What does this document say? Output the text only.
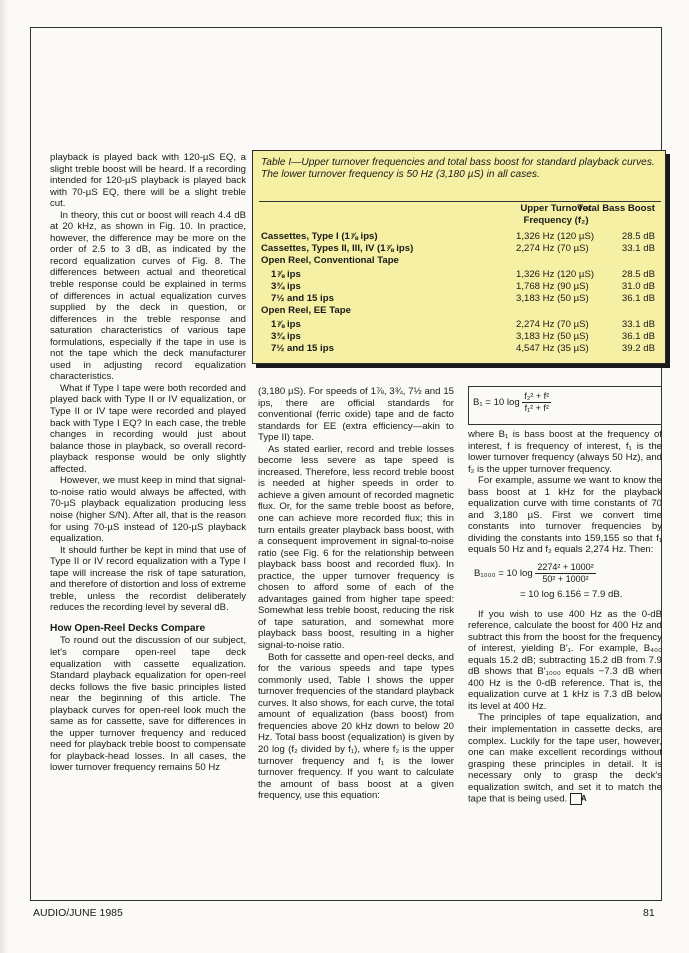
playback is played back with 120-µS EQ, a slight treble boost will be heard. If a recording intended for 120-µS playback is played back with 70-µS EQ, there will be a slight treble cut.

In theory, this cut or boost will reach 4.4 dB at 20 kHz, as shown in Fig. 10. In practice, however, the difference may be more on the order of 2.5 to 3 dB, as indicated by the record equalization curves of Fig. 8. The differences between actual and theoretical treble response could be explained in terms of differences in actual equalization curves supplied by the deck in question, or differences in the treble response and saturation characteristics of various tape formulations, especially if the tape in use is not the tape which the deck manufacturer used in adjusting record equalization characteristics.

What if Type I tape were both recorded and played back with Type II or IV equalization, or Type II or IV tape were recorded and played back with Type I EQ? In each case, the treble changes in recording would just about balance those in playback, so overall record-playback response would be only slightly affected.

However, we must keep in mind that signal-to-noise ratio would always be affected, with 70-µS playback equalization producing less noise (higher S/N). After all, that is the reason for using 70-µS instead of 120-µS playback equalization.

It should further be kept in mind that use of Type II or IV record equalization with a Type I tape will increase the risk of tape saturation, and therefore of distortion and loss of extreme treble, unless the recordist deliberately reduces the recording level by several dB.

How Open-Reel Decks Compare

To round out the discussion of our subject, let's compare open-reel tape deck equalization with cassette equalization. Standard playback equalization for open-reel decks follows the five basic principles listed near the beginning of this article. The playback curves for open-reel look much the same as for cassette, save for differences in the upper turnover frequency and reduced need for playback treble boost to compensate for playback-head losses. In all cases, the lower turnover frequency remains 50 Hz

Table I—Upper turnover frequencies and total bass boost for standard playback curves. The lower turnover frequency is 50 Hz (3,180 µS) in all cases.
Upper Turnover Frequency (f₂)
Total Bass Boost
Cassettes, Type I (1⅞ ips)	1,326 Hz (120 µS)	28.5 dB
Cassettes, Types II, III, IV (1⅞ ips)	2,274 Hz (70 µS)	33.1 dB
Open Reel, Conventional Tape
1⅞ ips	1,326 Hz (120 µS)	28.5 dB
3¾ ips	1,768 Hz (90 µS)	31.0 dB
7½ and 15 ips	3,183 Hz (50 µS)	36.1 dB
Open Reel, EE Tape
1⅞ ips	2,274 Hz (70 µS)	33.1 dB
3¾ ips	3,183 Hz (50 µS)	36.1 dB
7½ and 15 ips	4,547 Hz (35 µS)	39.2 dB

(3,180 µS). For speeds of 1⅞, 3¾, 7½ and 15 ips, there are official standards for conventional (ferric oxide) tape and de facto standards for EE (extra efficiency—akin to Type II) tape.

As stated earlier, record and treble losses become less severe as tape speed is increased. Therefore, less record treble boost is needed at higher speeds in order to achieve a given amount of recorded magnetic flux. Or, for the same treble boost as before, one can achieve more recorded flux; this in turn entails greater playback bass boost, with a consequent improvement in signal-to-noise ratio (see Fig. 6 for the relationship between playback bass boost and recorded flux). In practice, the upper turnover frequency is chosen to afford some of each of the advantages gained from higher tape speed: Somewhat less treble boost, reducing the risk of tape saturation, and somewhat more playback bass boost, resulting in a higher signal-to-noise ratio.

Both for cassette and open-reel decks, and for the various speeds and tape types commonly used, Table I shows the upper turnover frequencies of the standard playback curves. It also shows, for each curve, the total amount of equalization (bass boost) from frequencies above 20 kHz down to below 20 Hz. Total bass boost (equalization) is given by 20 log (f₂ divided by f₁), where f₂ is the upper turnover frequency and f₁ is the lower turnover frequency. If you want to calculate the amount of bass boost at a given frequency, use this equation:

B₁ = 10 $\log \frac{\text{f₂² + f²}}{\text{f₁² + f²}}$

where B₁ is bass boost at the frequency of interest, f is frequency of interest, f₁ is the lower turnover frequency (always 50 Hz), and f₂ is the upper turnover frequency.

For example, assume we want to know the bass boost at 1 kHz for the playback equalization curve with time constants of 70 and 3,180 µS. First we convert time constants into turnover frequencies by dividing the constants into 159,155 so that f₁ equals 50 Hz and f₂ equals 2,274 Hz. Then:

B₁₀₀₀ = 10 $\log \frac{\text{2274² + 1000²}}{\text{50² + 1000²}}$
= 10 log 6.156 = 7.9 dB.

If you wish to use 400 Hz as the 0-dB reference, calculate the boost for 400 Hz and subtract this from the boost for the frequency of interest, yielding B'₁. For example, B₄₀₀ equals 15.2 dB; subtracting 15.2 dB from 7.9 dB shows that B'₁₀₀₀ equals −7.3 dB when 400 Hz is the 0-dB reference. That is, the equalization curve at 1 kHz is 7.3 dB below its level at 400 Hz.

The principles of tape equalization, and their implementation in cassette decks, are complex. Luckily for the tape user, however, one can make excellent recordings without grasping these principles in detail. It is necessary only to grasp the deck's equalization switch, and set it to match the tape that is being used. A

AUDIO/JUNE 1985	81
